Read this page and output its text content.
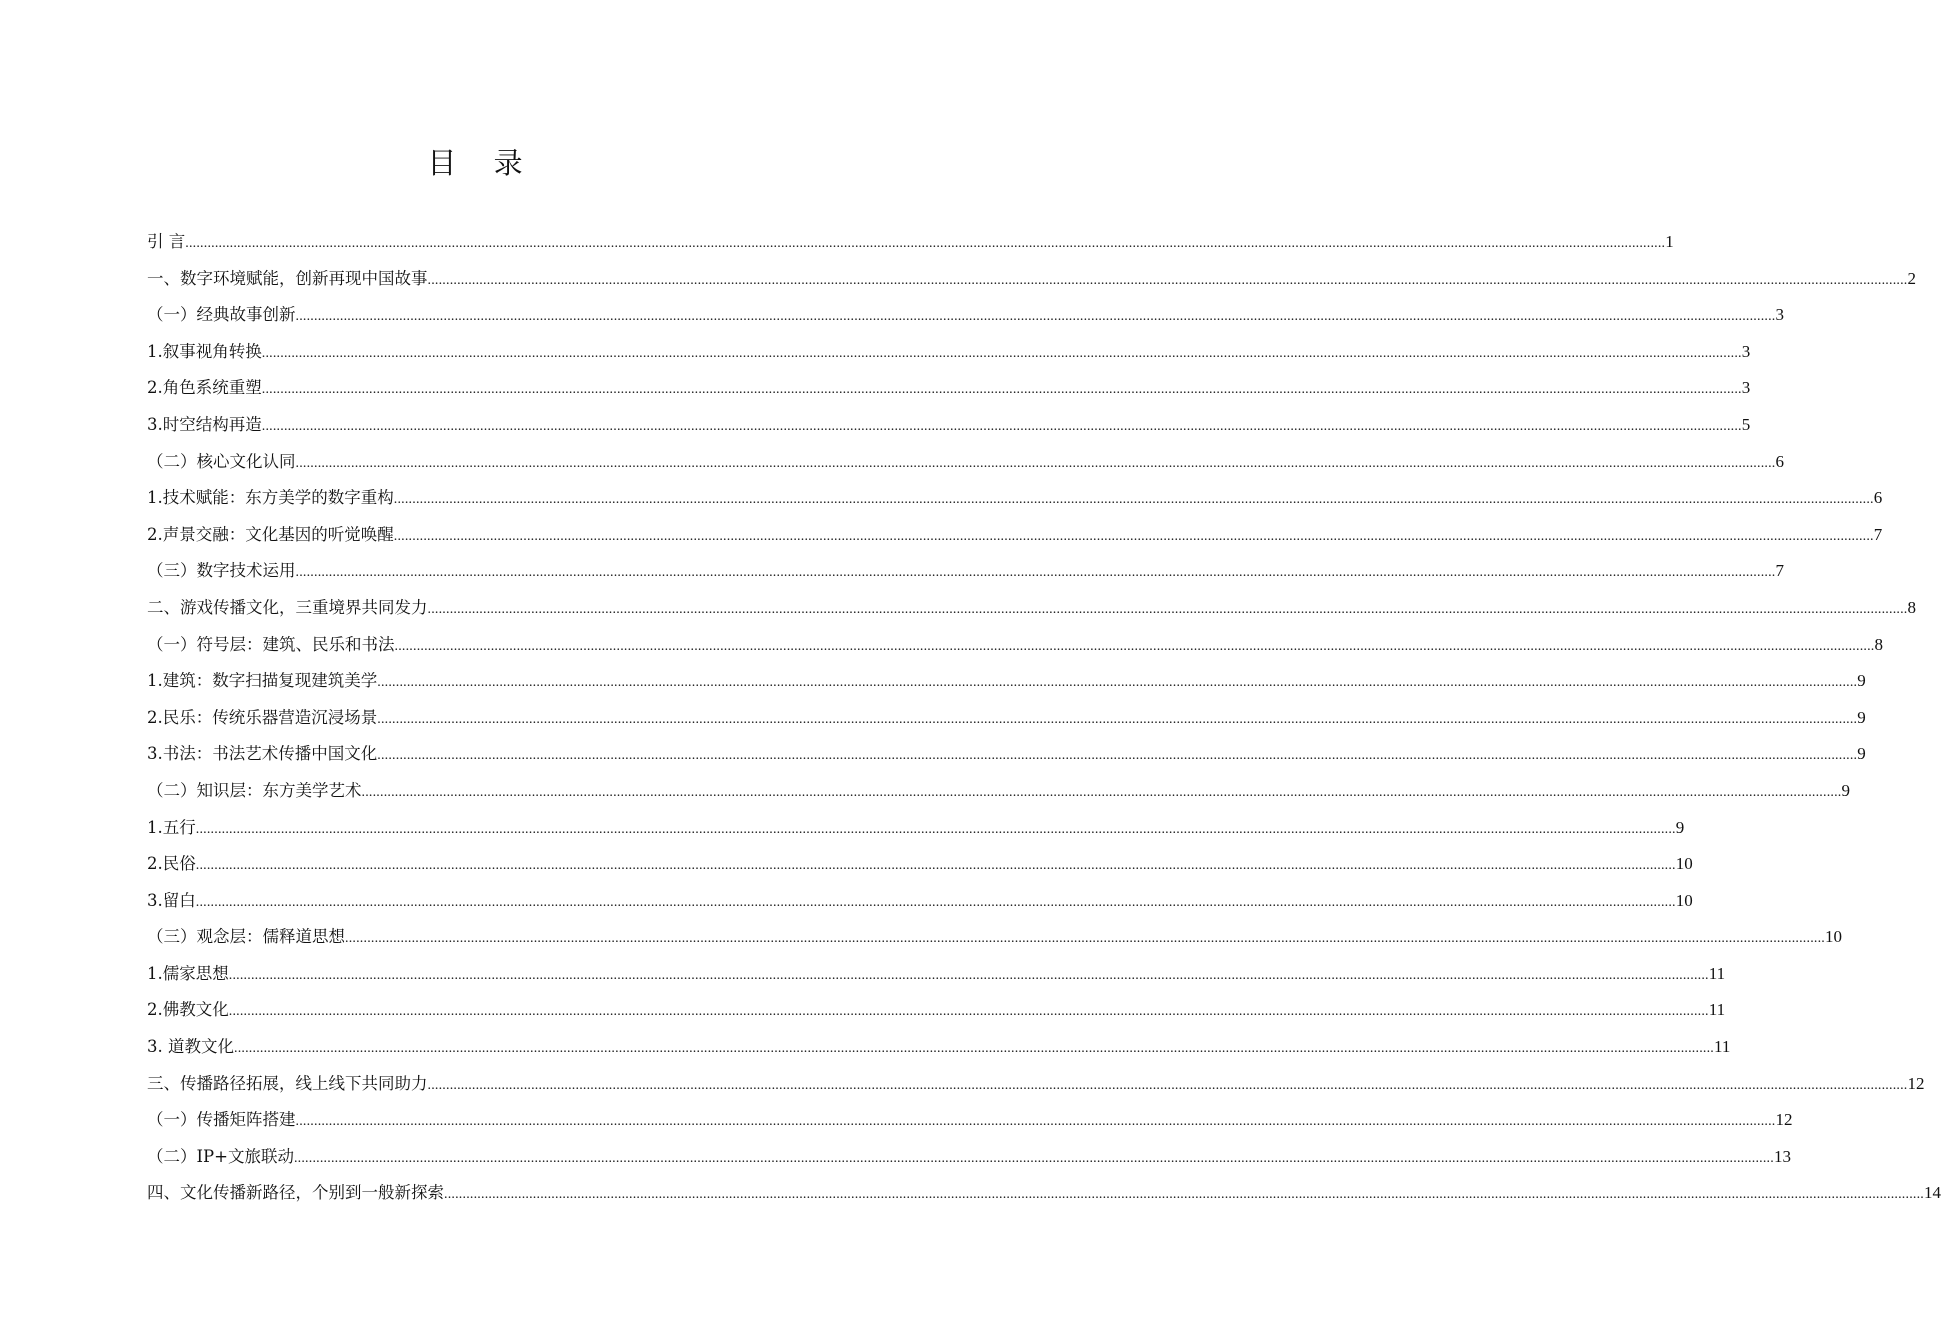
目 录
引 言 ................................................................................................................................................................................................................................................................................................................................................................................................................ 1
一、数字环境赋能，创新再现中国故事 ................................................................................................................................................................................................................................................................................................................................................................................................................ 2
（一）经典故事创新 ................................................................................................................................................................................................................................................................................................................................................................................................................ 3
1.叙事视角转换 ................................................................................................................................................................................................................................................................................................................................................................................................................ 3
2.角色系统重塑 ................................................................................................................................................................................................................................................................................................................................................................................................................ 3
3.时空结构再造 ................................................................................................................................................................................................................................................................................................................................................................................................................ 5
（二）核心文化认同 ................................................................................................................................................................................................................................................................................................................................................................................................................ 6
1.技术赋能：东方美学的数字重构 ................................................................................................................................................................................................................................................................................................................................................................................................................ 6
2.声景交融：文化基因的听觉唤醒 ................................................................................................................................................................................................................................................................................................................................................................................................................ 7
（三）数字技术运用 ................................................................................................................................................................................................................................................................................................................................................................................................................ 7
二、游戏传播文化，三重境界共同发力 ................................................................................................................................................................................................................................................................................................................................................................................................................ 8
（一）符号层：建筑、民乐和书法 ................................................................................................................................................................................................................................................................................................................................................................................................................ 8
1.建筑：数字扫描复现建筑美学 ................................................................................................................................................................................................................................................................................................................................................................................................................ 9
2.民乐：传统乐器营造沉浸场景 ................................................................................................................................................................................................................................................................................................................................................................................................................ 9
3.书法：书法艺术传播中国文化 ................................................................................................................................................................................................................................................................................................................................................................................................................ 9
（二）知识层：东方美学艺术 ................................................................................................................................................................................................................................................................................................................................................................................................................ 9
1.五行 ................................................................................................................................................................................................................................................................................................................................................................................................................ 9
2.民俗 ................................................................................................................................................................................................................................................................................................................................................................................................................ 10
3.留白 ................................................................................................................................................................................................................................................................................................................................................................................................................ 10
（三）观念层：儒释道思想 ................................................................................................................................................................................................................................................................................................................................................................................................................ 10
1.儒家思想 ................................................................................................................................................................................................................................................................................................................................................................................................................ 11
2.佛教文化 ................................................................................................................................................................................................................................................................................................................................................................................................................ 11
3. 道教文化 ................................................................................................................................................................................................................................................................................................................................................................................................................ 11
三、传播路径拓展，线上线下共同助力 ................................................................................................................................................................................................................................................................................................................................................................................................................ 12
（一）传播矩阵搭建 ................................................................................................................................................................................................................................................................................................................................................................................................................ 12
（二）IP+文旅联动 ................................................................................................................................................................................................................................................................................................................................................................................................................ 13
四、文化传播新路径，个别到一般新探索 ................................................................................................................................................................................................................................................................................................................................................................................................................ 14
